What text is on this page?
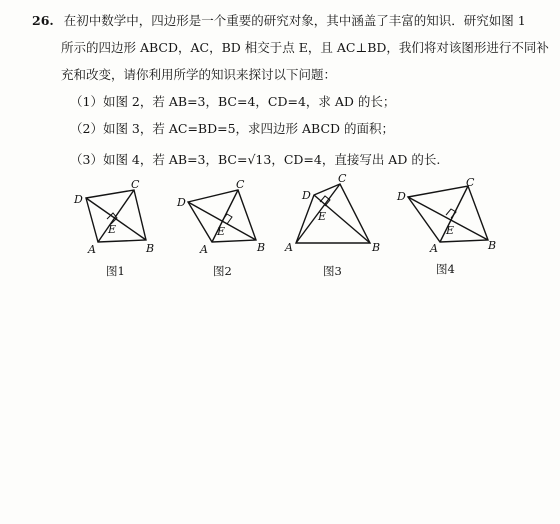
26. 在初中数学中，四边形是一个重要的研究对象，其中涵盖了丰富的知识．研究如图 1
所示的四边形 ABCD，AC，BD 相交于点 E，且 AC⊥BD，我们将对该图形进行不同补
充和改变，请你利用所学的知识来探讨以下问题：
（1）如图 2，若 AB=3，BC=4，CD=4，求 AD 的长；
（2）如图 3，若 AC=BD=5，求四边形 ABCD 的面积；
（3）如图 4，若 AB=3，BC=√13，CD=4，直接写出 AD 的长.
D
C
B
A
E
D
C
B
A
E
D
C
B
A
E
D
C
B
A
E
图1	图2	图3	图4
